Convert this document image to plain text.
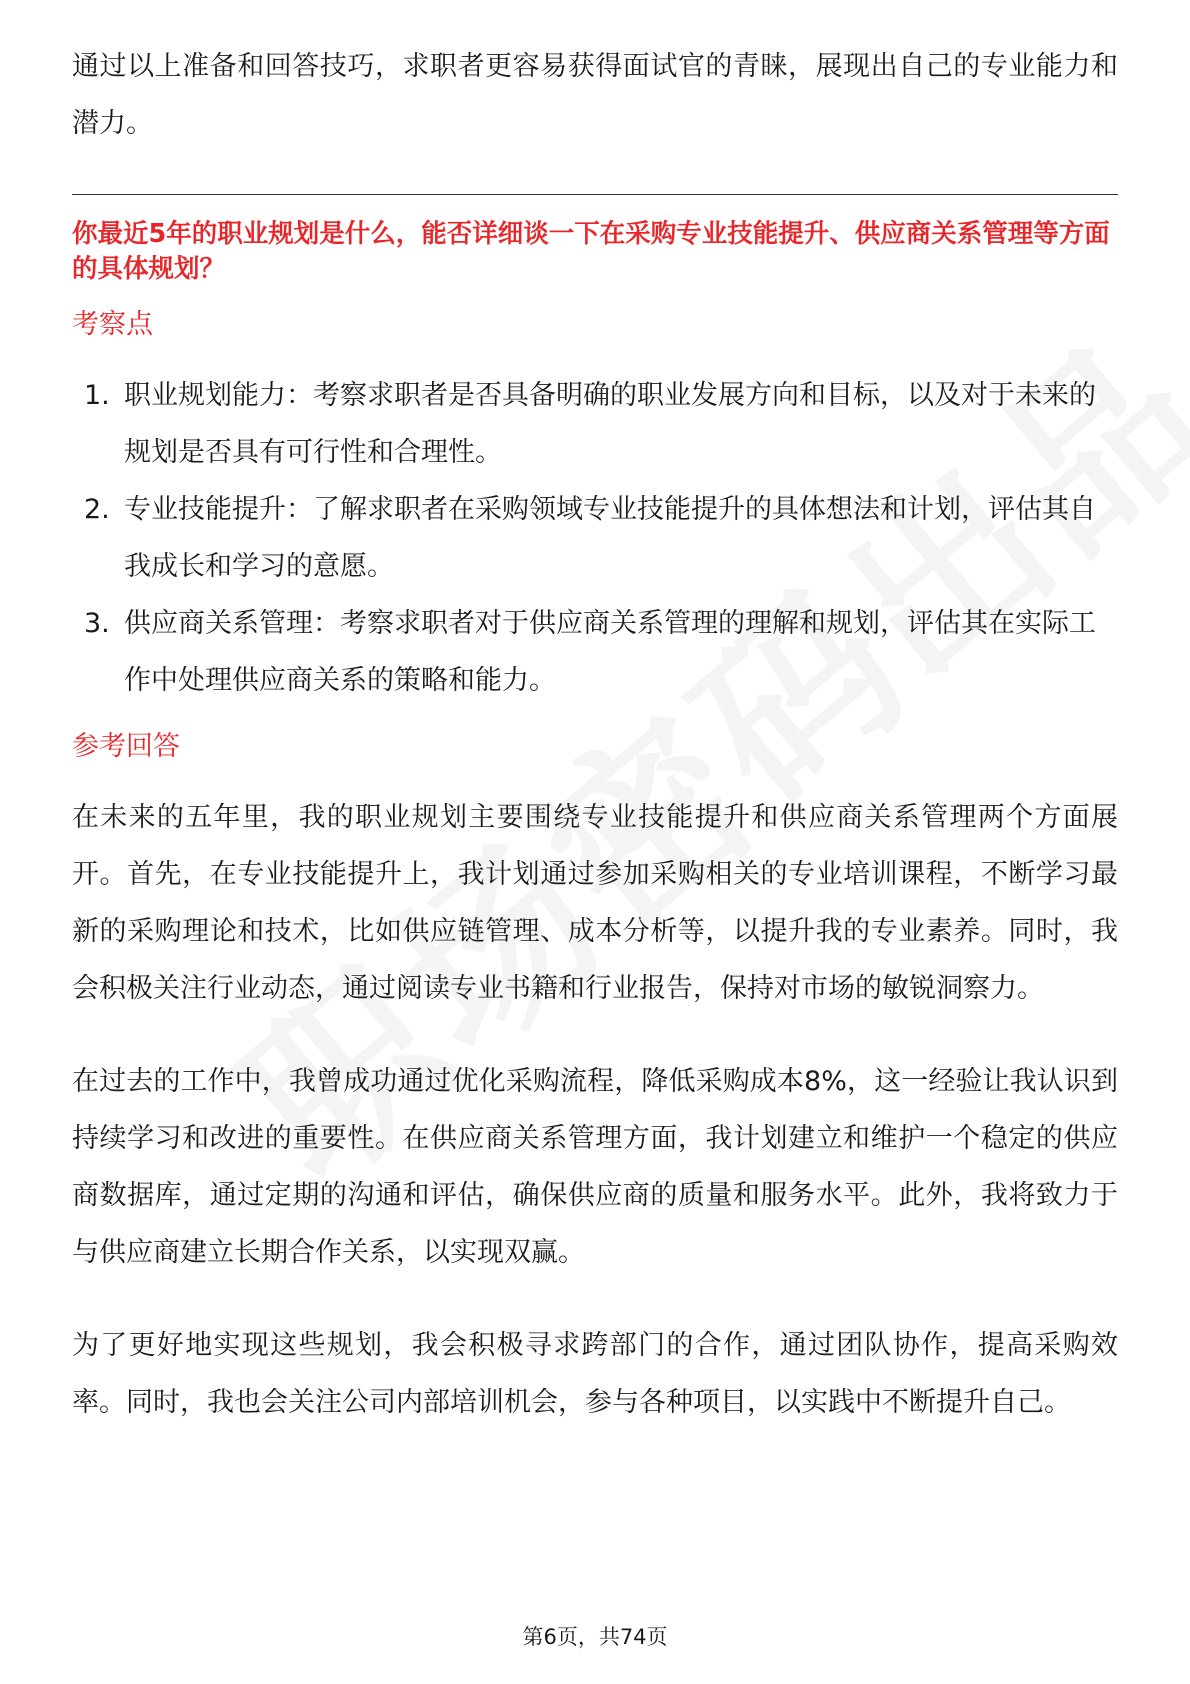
通过以上准备和回答技巧，求职者更容易获得面试官的青睐，展现出自己的专业能力和潜力。

你最近5年的职业规划是什么，能否详细谈一下在采购专业技能提升、供应商关系管理等方面的具体规划？

考察点
1. 职业规划能力：考察求职者是否具备明确的职业发展方向和目标，以及对于未来的规划是否具有可行性和合理性。
2. 专业技能提升：了解求职者在采购领域专业技能提升的具体想法和计划，评估其自我成长和学习的意愿。
3. 供应商关系管理：考察求职者对于供应商关系管理的理解和规划，评估其在实际工作中处理供应商关系的策略和能力。
参考回答

在未来的五年里，我的职业规划主要围绕专业技能提升和供应商关系管理两个方面展开。首先，在专业技能提升上，我计划通过参加采购相关的专业培训课程，不断学习最新的采购理论和技术，比如供应链管理、成本分析等，以提升我的专业素养。同时，我会积极关注行业动态，通过阅读专业书籍和行业报告，保持对市场的敏锐洞察力。

在过去的工作中，我曾成功通过优化采购流程，降低采购成本8%，这一经验让我认识到持续学习和改进的重要性。在供应商关系管理方面，我计划建立和维护一个稳定的供应商数据库，通过定期的沟通和评估，确保供应商的质量和服务水平。此外，我将致力于与供应商建立长期合作关系，以实现双赢。

为了更好地实现这些规划，我会积极寻求跨部门的合作，通过团队协作，提高采购效率。同时，我也会关注公司内部培训机会，参与各种项目，以实践中不断提升自己。

第6页，共74页
